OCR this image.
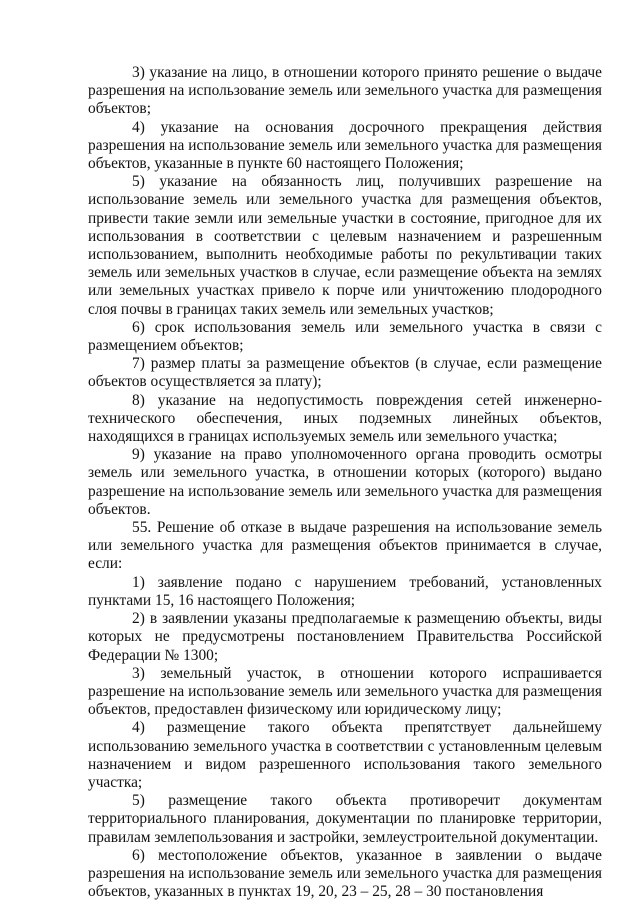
3) указание на лицо, в отношении которого принято решение о выдаче разрешения на использование земель или земельного участка для размещения объектов;

4) указание на основания досрочного прекращения действия разрешения на использование земель или земельного участка для размещения объектов, указанные в пункте 60 настоящего Положения;

5) указание на обязанность лиц, получивших разрешение на использование земель или земельного участка для размещения объектов, привести такие земли или земельные участки в состояние, пригодное для их использования в соответствии с целевым назначением и разрешенным использованием, выполнить необходимые работы по рекультивации таких земель или земельных участков в случае, если размещение объекта на землях или земельных участках привело к порче или уничтожению плодородного слоя почвы в границах таких земель или земельных участков;

6) срок использования земель или земельного участка в связи с размещением объектов;

7) размер платы за размещение объектов (в случае, если размещение объектов осуществляется за плату);

8) указание на недопустимость повреждения сетей инженерно-технического обеспечения, иных подземных линейных объектов, находящихся в границах используемых земель или земельного участка;

9) указание на право уполномоченного органа проводить осмотры земель или земельного участка, в отношении которых (которого) выдано разрешение на использование земель или земельного участка для размещения объектов.

55. Решение об отказе в выдаче разрешения на использование земель или земельного участка для размещения объектов принимается в случае, если:

1) заявление подано с нарушением требований, установленных пунктами 15, 16 настоящего Положения;

2) в заявлении указаны предполагаемые к размещению объекты, виды которых не предусмотрены постановлением Правительства Российской Федерации № 1300;

3) земельный участок, в отношении которого испрашивается разрешение на использование земель или земельного участка для размещения объектов, предоставлен физическому или юридическому лицу;

4) размещение такого объекта препятствует дальнейшему использованию земельного участка в соответствии с установленным целевым назначением и видом разрешенного использования такого земельного участка;

5) размещение такого объекта противоречит документам территориального планирования, документации по планировке территории, правилам землепользования и застройки, землеустроительной документации.

6) местоположение объектов, указанное в заявлении о выдаче разрешения на использование земель или земельного участка для размещения объектов, указанных в пунктах 19, 20, 23 – 25, 28 – 30 постановления
